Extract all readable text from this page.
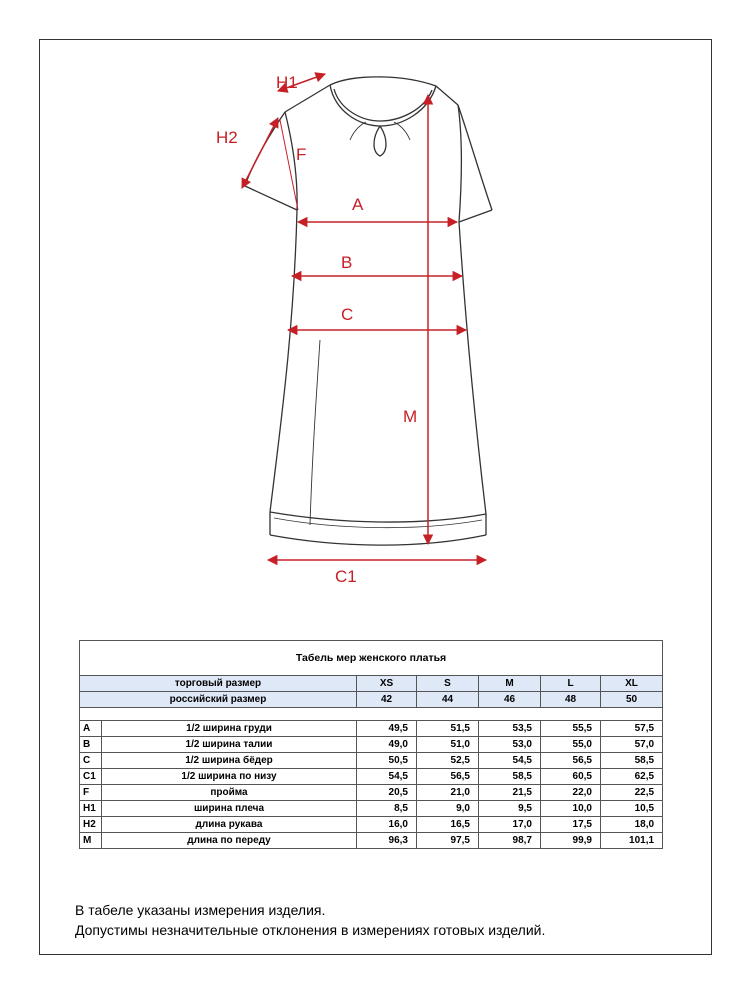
H1
H2
F
A
B
C
M
C1
Табель мер женского платья						
торговый размер		XS	S	M	L	XL
российский размер		42	44	46	48	50

A	1/2 ширина груди	49,5	51,5	53,5	55,5	57,5
B	1/2 ширина талии	49,0	51,0	53,0	55,0	57,0
C	1/2 ширина бёдер	50,5	52,5	54,5	56,5	58,5
C1	1/2 ширина по низу	54,5	56,5	58,5	60,5	62,5
F	пройма	20,5	21,0	21,5	22,0	22,5
H1	ширина плеча	8,5	9,0	9,5	10,0	10,5
H2	длина рукава	16,0	16,5	17,0	17,5	18,0
M	длина по переду	96,3	97,5	98,7	99,9	101,1
В табеле указаны измерения изделия.
Допустимы незначительные отклонения в измерениях готовых изделий.
